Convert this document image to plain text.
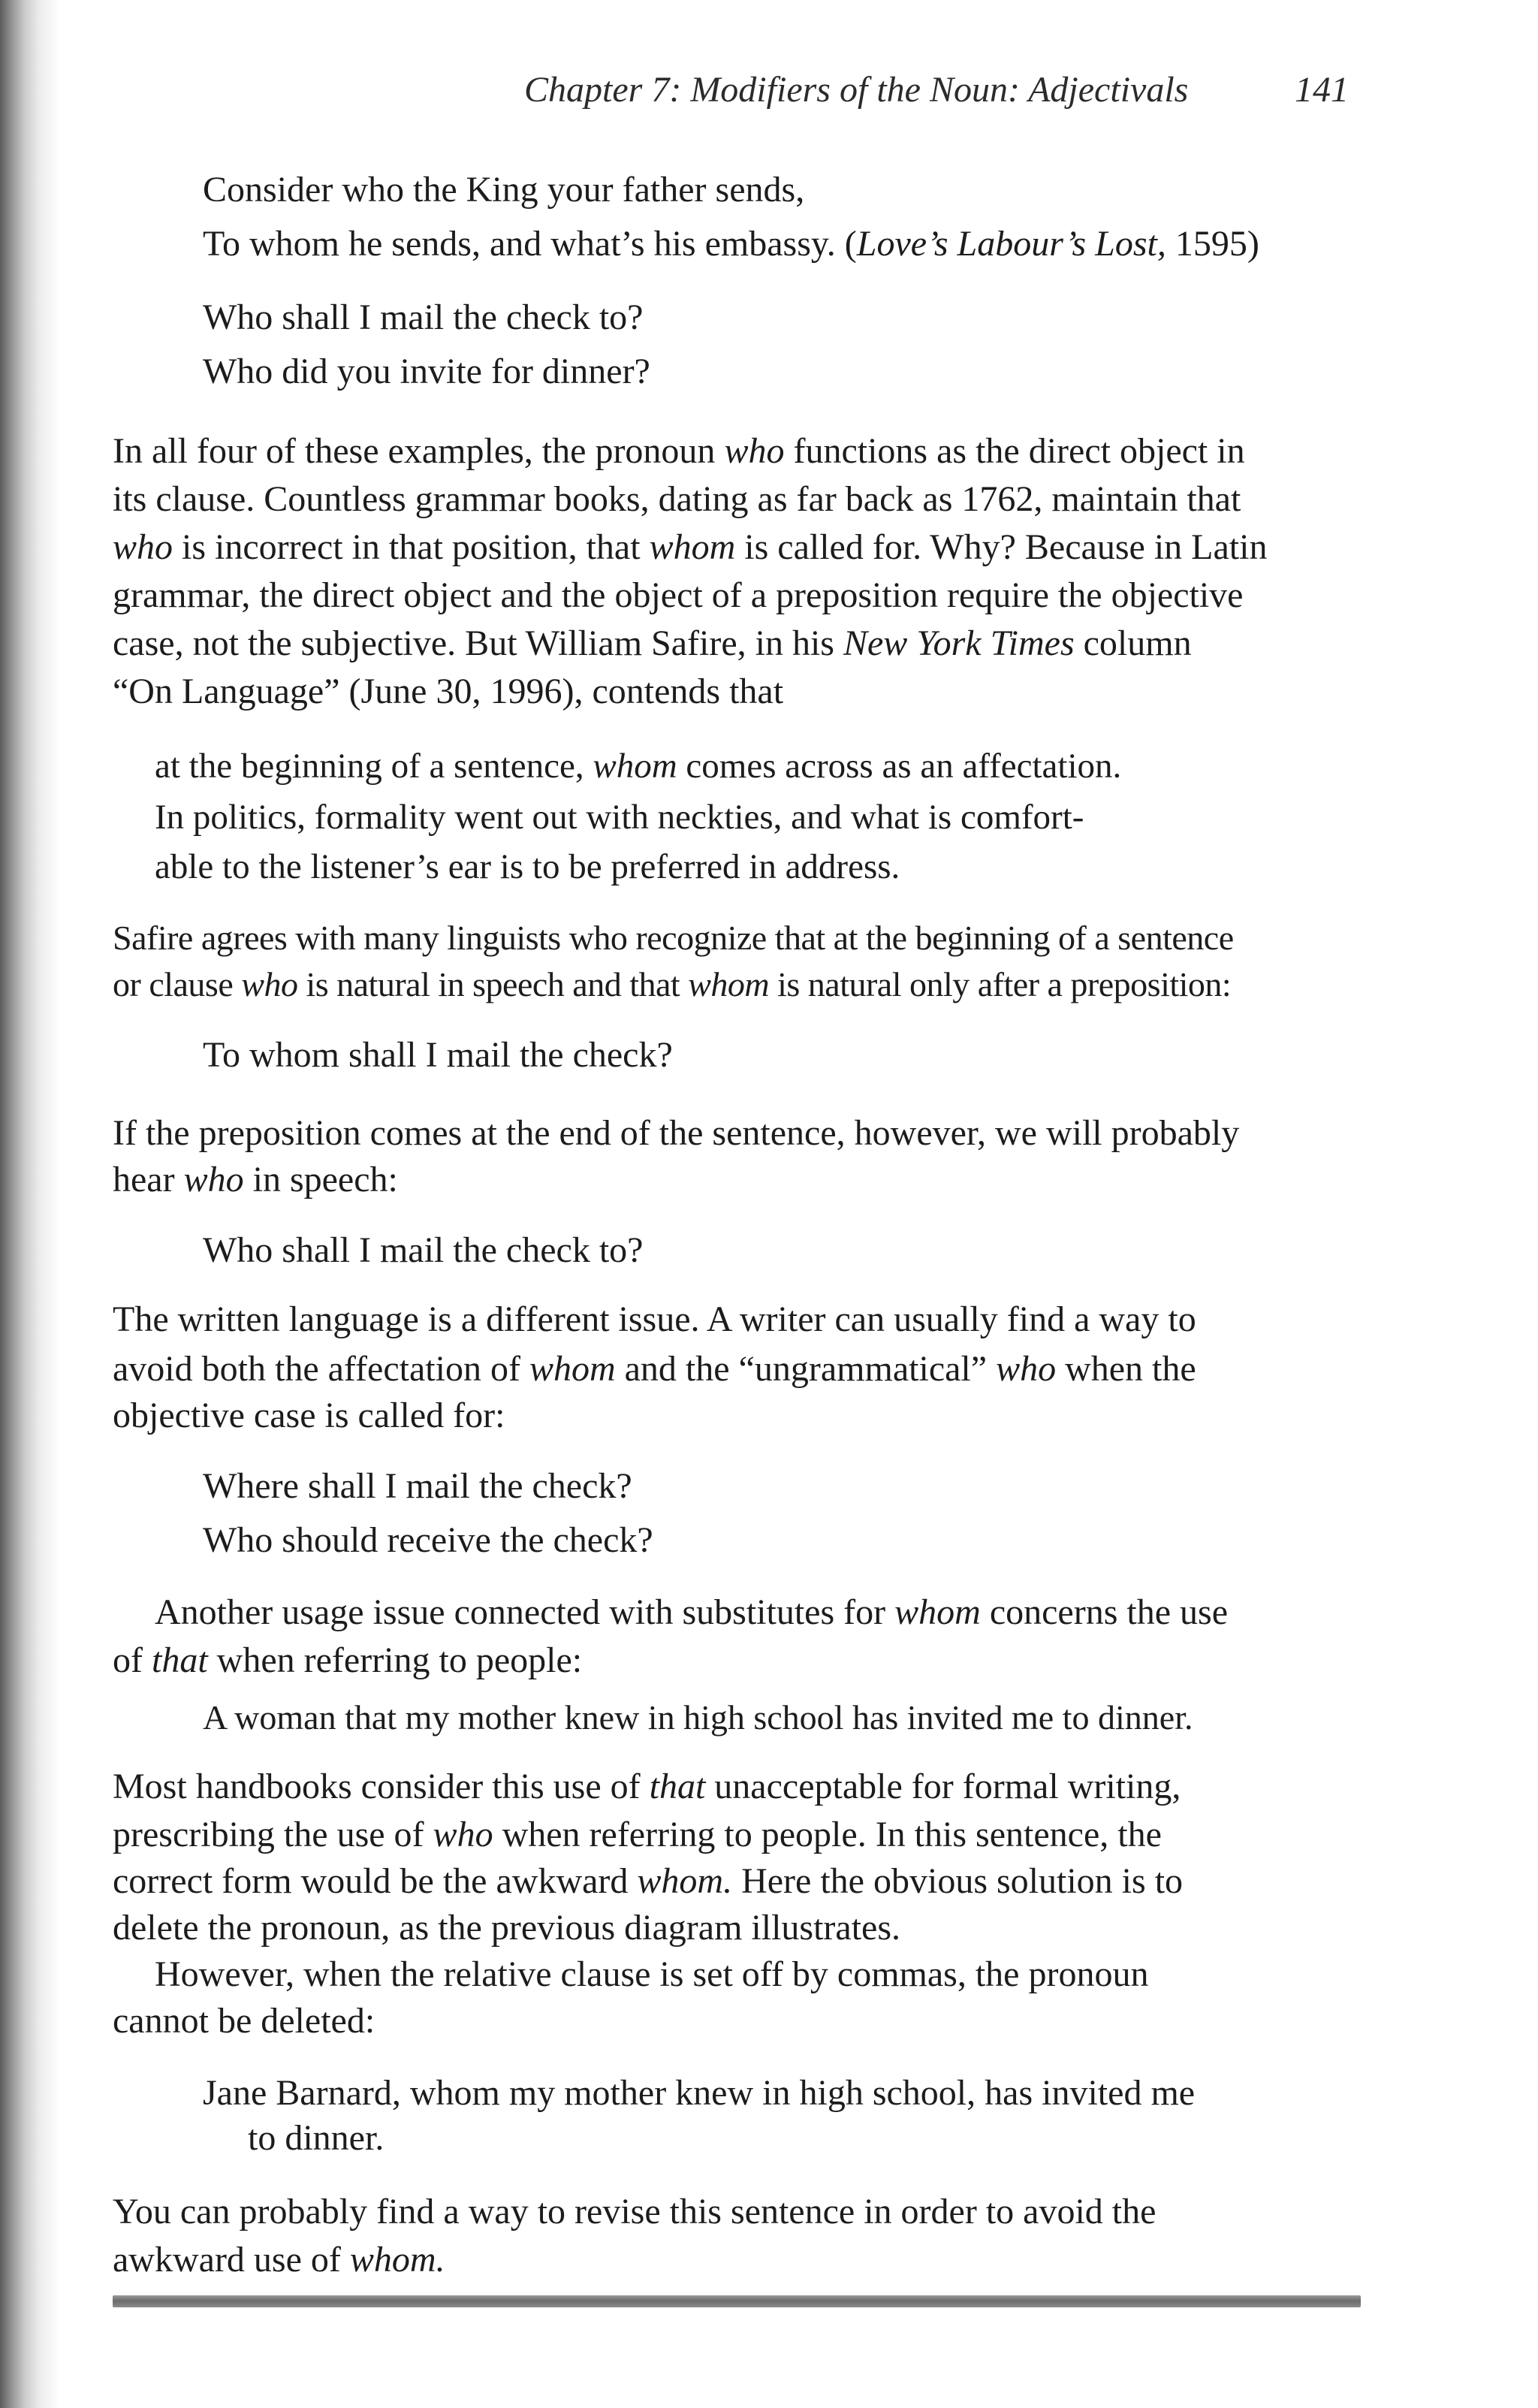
Chapter 7: Modifiers of the Noun: Adjectivals	141
Consider who the King your father sends,
To whom he sends, and what’s his embassy. (Love’s Labour’s Lost, 1595)
Who shall I mail the check to?
Who did you invite for dinner?
In all four of these examples, the pronoun who functions as the direct object in
its clause. Countless grammar books, dating as far back as 1762, maintain that
who is incorrect in that position, that whom is called for. Why? Because in Latin
grammar, the direct object and the object of a preposition require the objective
case, not the subjective. But William Safire, in his New York Times column
“On Language” (June 30, 1996), contends that
at the beginning of a sentence, whom comes across as an affectation.
In politics, formality went out with neckties, and what is comfort-
able to the listener’s ear is to be preferred in address.
Safire agrees with many linguists who recognize that at the beginning of a sentence
or clause who is natural in speech and that whom is natural only after a preposition:
To whom shall I mail the check?
If the preposition comes at the end of the sentence, however, we will probably
hear who in speech:
Who shall I mail the check to?
The written language is a different issue. A writer can usually find a way to
avoid both the affectation of whom and the “ungrammatical” who when the
objective case is called for:
Where shall I mail the check?
Who should receive the check?
Another usage issue connected with substitutes for whom concerns the use
of that when referring to people:
A woman that my mother knew in high school has invited me to dinner.
Most handbooks consider this use of that unacceptable for formal writing,
prescribing the use of who when referring to people. In this sentence, the
correct form would be the awkward whom. Here the obvious solution is to
delete the pronoun, as the previous diagram illustrates.
However, when the relative clause is set off by commas, the pronoun
cannot be deleted:
Jane Barnard, whom my mother knew in high school, has invited me
to dinner.
You can probably find a way to revise this sentence in order to avoid the
awkward use of whom.
